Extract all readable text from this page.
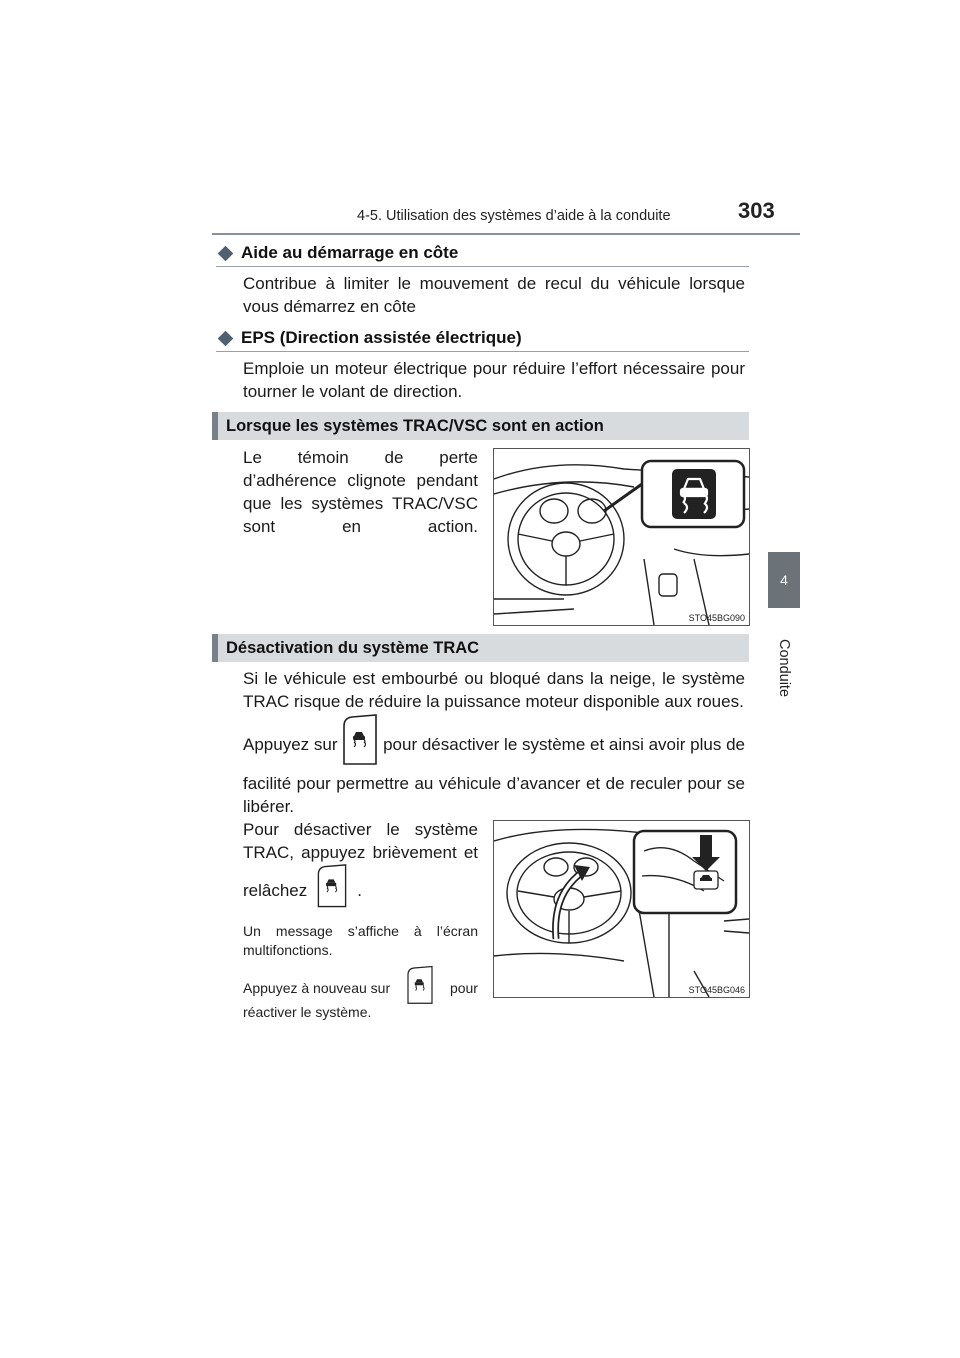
4-5. Utilisation des systèmes d’aide à la conduite	303
4
Conduite
Aide au démarrage en côte
Contribue à limiter le mouvement de recul du véhicule lorsque vous démarrez en côte
EPS (Direction assistée électrique)
Emploie un moteur électrique pour réduire l’effort nécessaire pour tourner le volant de direction.
Lorsque les systèmes TRAC/VSC sont en action
Le témoin de perte d’adhérence clignote pendant que les systèmes TRAC/VSC sont en action.
STO45BG090
Désactivation du système TRAC
Si le véhicule est embourbé ou bloqué dans la neige, le système TRAC risque de réduire la puissance moteur disponible aux roues.
Appuyez sur	pour désactiver le système et ainsi avoir plus de
facilité pour permettre au véhicule d’avancer et de reculer pour se libérer.
Pour désactiver le système
TRAC, appuyez brièvement et
relâchez	.
Un message s’affiche à l’écran multifonctions.
Appuyez à nouveau sur	pour
réactiver le système.
STO45BG046
